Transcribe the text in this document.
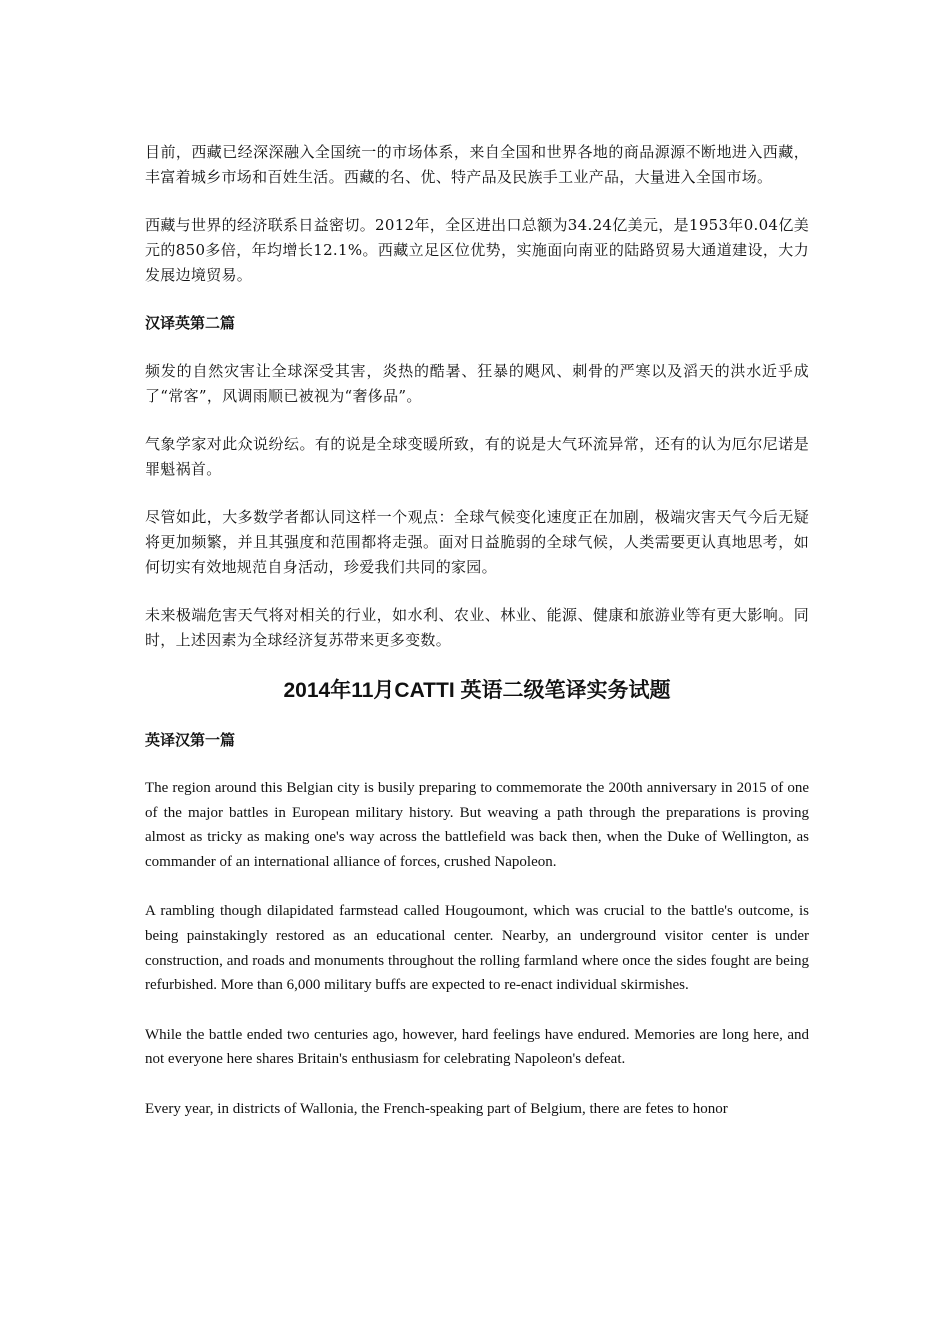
目前，西藏已经深深融入全国统一的市场体系，来自全国和世界各地的商品源源不断地进入西藏，丰富着城乡市场和百姓生活。西藏的名、优、特产品及民族手工业产品，大量进入全国市场。

西藏与世界的经济联系日益密切。2012年，全区进出口总额为34.24亿美元，是1953年0.04亿美元的850多倍，年均增长12.1%。西藏立足区位优势，实施面向南亚的陆路贸易大通道建设，大力发展边境贸易。

汉译英第二篇

频发的自然灾害让全球深受其害，炎热的酷暑、狂暴的飓风、刺骨的严寒以及滔天的洪水近乎成了“常客”，风调雨顺已被视为“奢侈品”。

气象学家对此众说纷纭。有的说是全球变暖所致，有的说是大气环流异常，还有的认为厄尔尼诺是罪魁祸首。

尽管如此，大多数学者都认同这样一个观点：全球气候变化速度正在加剧，极端灾害天气今后无疑将更加频繁，并且其强度和范围都将走强。面对日益脆弱的全球气候，人类需要更认真地思考，如何切实有效地规范自身活动，珍爱我们共同的家园。

未来极端危害天气将对相关的行业，如水利、农业、林业、能源、健康和旅游业等有更大影响。同时，上述因素为全球经济复苏带来更多变数。

2014年11月CATTI 英语二级笔译实务试题
英译汉第一篇

The region around this Belgian city is busily preparing to commemorate the 200th anniversary in 2015 of one of the major battles in European military history. But weaving a path through the preparations is proving almost as tricky as making one's way across the battlefield was back then, when the Duke of Wellington, as commander of an international alliance of forces, crushed Napoleon.

A rambling though dilapidated farmstead called Hougoumont, which was crucial to the battle's outcome, is being painstakingly restored as an educational center. Nearby, an underground visitor center is under construction, and roads and monuments throughout the rolling farmland where once the sides fought are being refurbished. More than 6,000 military buffs are expected to re-enact individual skirmishes.

While the battle ended two centuries ago, however, hard feelings have endured. Memories are long here, and not everyone here shares Britain's enthusiasm for celebrating Napoleon's defeat.

Every year, in districts of Wallonia, the French-speaking part of Belgium, there are fetes to honor
